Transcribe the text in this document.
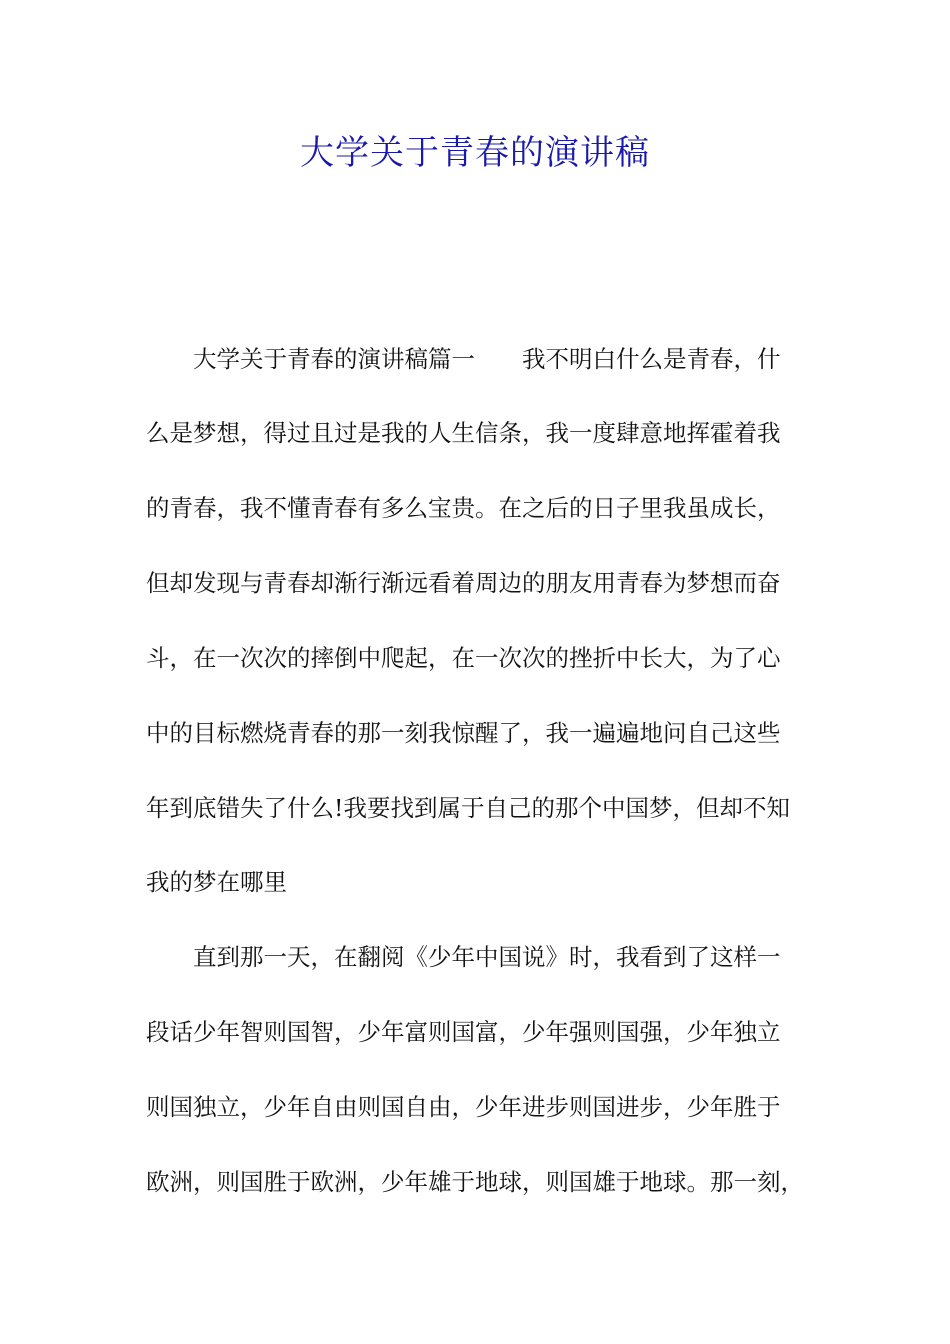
大学关于青春的演讲稿
　　大学关于青春的演讲稿篇一　　我不明白什么是青春，什
么是梦想，得过且过是我的人生信条，我一度肆意地挥霍着我
的青春，我不懂青春有多么宝贵。在之后的日子里我虽成长，
但却发现与青春却渐行渐远看着周边的朋友用青春为梦想而奋
斗，在一次次的摔倒中爬起，在一次次的挫折中长大，为了心
中的目标燃烧青春的那一刻我惊醒了，我一遍遍地问自己这些
年到底错失了什么!我要找到属于自己的那个中国梦，但却不知
我的梦在哪里
　　直到那一天，在翻阅《少年中国说》时，我看到了这样一
段话少年智则国智，少年富则国富，少年强则国强，少年独立
则国独立，少年自由则国自由，少年进步则国进步，少年胜于
欧洲，则国胜于欧洲，少年雄于地球，则国雄于地球。那一刻，
